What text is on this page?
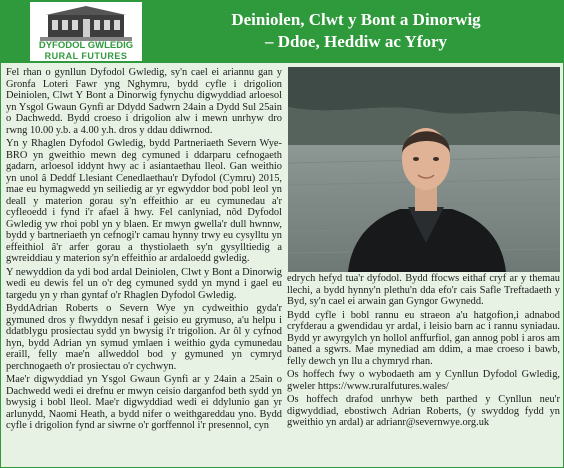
DYFODOL GWLEDIG
RURAL FUTURES
Deiniolen, Clwt y Bont a Dinorwig
– Ddoe, Heddiw ac Yfory

Fel rhan o gynllun Dyfodol Gwledig, sy'n cael ei ariannu gan y Gronfa Loteri Fawr yng Nghymru, bydd cyfle i drigolion Deiniolen, Clwt Y Bont a Dinorwig fynychu digwyddiad arloesol yn Ysgol Gwaun Gynfi ar Ddydd Sadwrn 24ain a Dydd Sul 25ain o Dachwedd. Bydd croeso i drigolion alw i mewn unrhyw dro rwng 10.00 y.b. a 4.00 y.h. dros y ddau ddiwrnod.

Yn y Rhaglen Dyfodol Gwledig, bydd Partneriaeth Severn Wye-BRO yn gweithio mewn deg cymuned i ddarparu cefnogaeth gadarn, arloesol iddynt hwy ac i asiantaethau lleol. Gan weithio yn unol â Deddf Llesiant Cenedlaethau'r Dyfodol (Cymru) 2015, mae eu hymagwedd yn seiliedig ar yr egwyddor bod pobl leol yn deall y materion gorau sy'n effeithio ar eu cymunedau a'r cyfleoedd i fynd i'r afael â hwy. Fel canlyniad, nôd Dyfodol Gwledig yw rhoi pobl yn y blaen. Er mwyn gwella'r dull hwnnw, bydd y bartneriaeth yn cefnogi'r camau hynny trwy eu cysylltu yn effeithiol â'r arfer gorau a thystiolaeth sy'n gysylltiedig a gwreiddiau y materion sy'n effeithio ar ardaloedd gwledig.

Y newyddion da ydi bod ardal Deiniolen, Clwt y Bont a Dinorwig wedi eu dewis fel un o'r deg cymuned sydd yn mynd i gael eu targedu yn y rhan gyntaf o'r Rhaglen Dyfodol Gwledig.

ByddAdrian Roberts o Severn Wye yn cydweithio gyda'r gymuned dros y flwyddyn nesaf i geisio eu grymuso, a'u helpu i ddatblygu prosiectau sydd yn bwysig i'r trigolion. Ar ôl y cyfnod hyn, bydd Adrian yn symud ymlaen i weithio gyda cymunedau eraill, felly mae'n allweddol bod y gymuned yn cymryd perchnogaeth o'r prosiectau o'r cychwyn.

Mae'r digwyddiad yn Ysgol Gwaun Gynfi ar y 24ain a 25ain o Dachwedd wedi ei drefnu er mwyn ceisio darganfod beth sydd yn bwysig i bobl lleol. Mae'r digwyddiad wedi ei ddylunio gan yr arlunydd, Naomi Heath, a bydd nifer o weithgareddau yno. Bydd cyfle i drigolion fynd ar siwrne o'r gorffennol i'r presennol, cyn

edrych hefyd tua'r dyfodol. Bydd ffocws eithaf cryf ar y themau llechi, a bydd hynny'n plethu'n dda efo'r cais Safle Treftadaeth y Byd, sy'n cael ei arwain gan Gyngor Gwynedd.

Bydd cyfle i bobl rannu eu straeon a'u hatgofion,i adnabod cryfderau a gwendidau yr ardal, i leisio barn ac i rannu syniadau. Bydd yr awyrgylch yn hollol anffurfiol, gan annog pobl i aros am baned a sgwrs. Mae mynediad am ddim, a mae croeso i bawb, felly dewch yn llu a chymryd rhan.

Os hoffech fwy o wybodaeth am y Cynllun Dyfodol Gwledig, gweler https://www.ruralfutures.wales/

Os hoffech drafod unrhyw beth parthed y Cynllun neu'r digwyddiad, ebostiwch Adrian Roberts, (y swyddog fydd yn gweithio yn ardal) ar adrianr@severnwye.org.uk
